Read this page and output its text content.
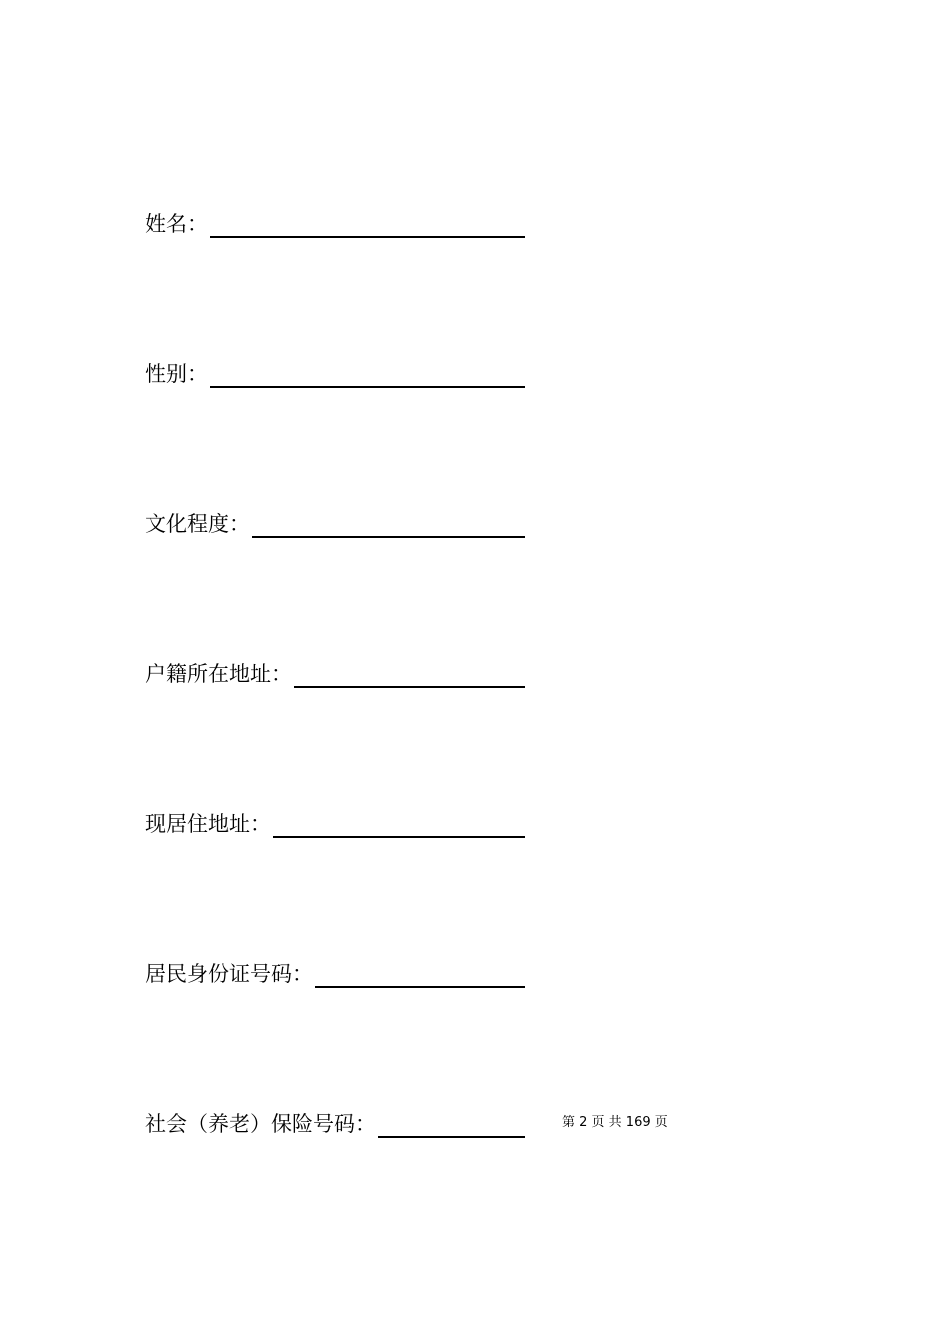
姓名：
性别：
文化程度：
户籍所在地址：
现居住地址：
居民身份证号码：
社会（养老）保险号码：	第 2 页 共 169 页
